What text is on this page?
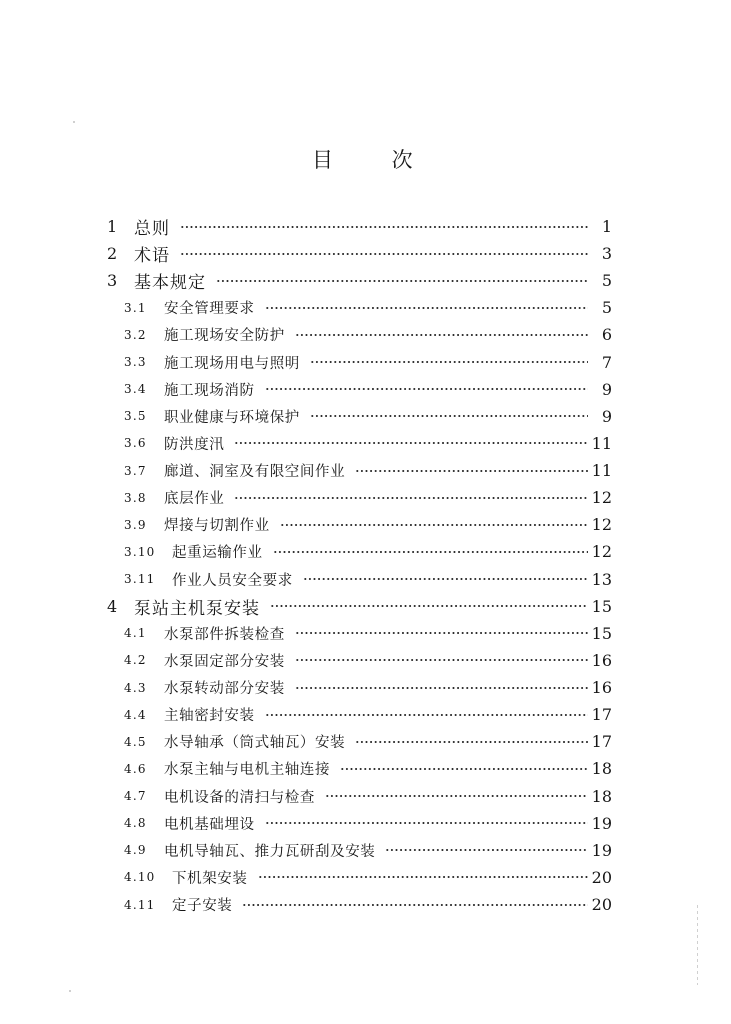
目 次
1 总则	1
2 术语	3
3 基本规定	5
3.1	安全管理要求	5
3.2	施工现场安全防护	6
3.3	施工现场用电与照明	7
3.4	施工现场消防	9
3.5	职业健康与环境保护	9
3.6	防洪度汛	11
3.7	廊道、洞室及有限空间作业	11
3.8	底层作业	12
3.9	焊接与切割作业	12
3.10	起重运输作业	12
3.11	作业人员安全要求	13
4 泵站主机泵安装	15
4.1	水泵部件拆装检查	15
4.2	水泵固定部分安装	16
4.3	水泵转动部分安装	16
4.4	主轴密封安装	17
4.5	水导轴承（筒式轴瓦）安装	17
4.6	水泵主轴与电机主轴连接	18
4.7	电机设备的清扫与检查	18
4.8	电机基础埋设	19
4.9	电机导轴瓦、推力瓦研刮及安装	19
4.10	下机架安装	20
4.11	定子安装	20
